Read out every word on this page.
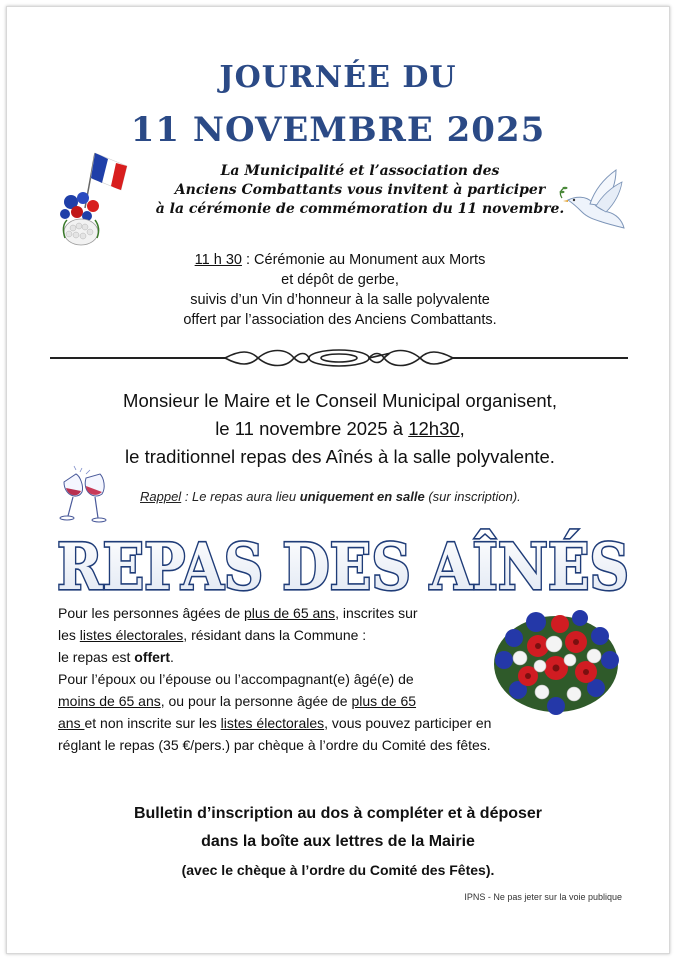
JOURNÉE DU
11 NOVEMBRE 2025
La Municipalité et l’association des
Anciens Combattants vous invitent à participer
à la cérémonie de commémoration du 11 novembre.
11 h 30 : Cérémonie au Monument aux Morts
et dépôt de gerbe,
suivis d’un Vin d’honneur à la salle polyvalente
offert par l’association des Anciens Combattants.
Monsieur le Maire et le Conseil Municipal organisent,
le 11 novembre 2025 à 12h30,
le traditionnel repas des Aînés à la salle polyvalente.
Rappel : Le repas aura lieu uniquement en salle (sur inscription).
REPAS DES AÎNÉS
Pour les personnes âgées de plus de 65 ans, inscrites sur
les listes électorales, résidant dans la Commune :
le repas est offert.
Pour l’époux ou l’épouse ou l’accompagnant(e) âgé(e) de
moins de 65 ans, ou pour la personne âgée de plus de 65
ans et non inscrite sur les listes électorales, vous pouvez participer en
réglant le repas (35 €/pers.) par chèque à l’ordre du Comité des fêtes.
Bulletin d’inscription au dos à compléter et à déposer
dans la boîte aux lettres de la Mairie
(avec le chèque à l’ordre du Comité des Fêtes).
IPNS - Ne pas jeter sur la voie publique
